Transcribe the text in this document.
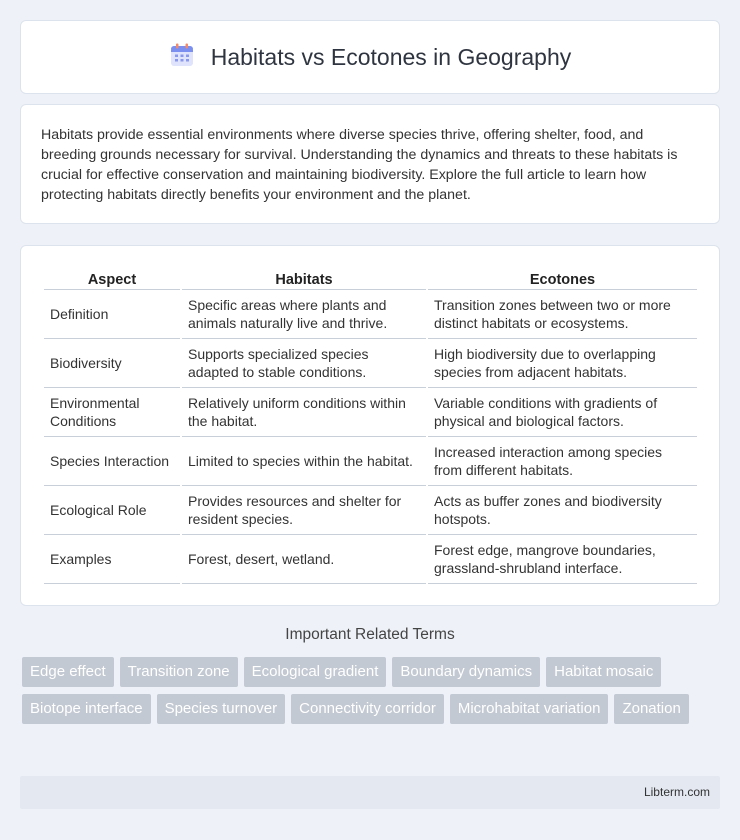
Habitats vs Ecotones in Geography

Habitats provide essential environments where diverse species thrive, offering shelter, food, and breeding grounds necessary for survival. Understanding the dynamics and threats to these habitats is crucial for effective conservation and maintaining biodiversity. Explore the full article to learn how protecting habitats directly benefits your environment and the planet.

Aspect	Habitats	Ecotones
Definition	Specific areas where plants and animals naturally live and thrive.	Transition zones between two or more distinct habitats or ecosystems.
Biodiversity	Supports specialized species adapted to stable conditions.	High biodiversity due to overlapping species from adjacent habitats.
Environmental Conditions	Relatively uniform conditions within the habitat.	Variable conditions with gradients of physical and biological factors.
Species Interaction	Limited to species within the habitat.	Increased interaction among species from different habitats.
Ecological Role	Provides resources and shelter for resident species.	Acts as buffer zones and biodiversity hotspots.
Examples	Forest, desert, wetland.	Forest edge, mangrove boundaries, grassland-shrubland interface.
Important Related Terms
Edge effect	Transition zone	Ecological gradient	Boundary dynamics	Habitat mosaic
Biotope interface	Species turnover	Connectivity corridor	Microhabitat variation	Zonation
Libterm.com
